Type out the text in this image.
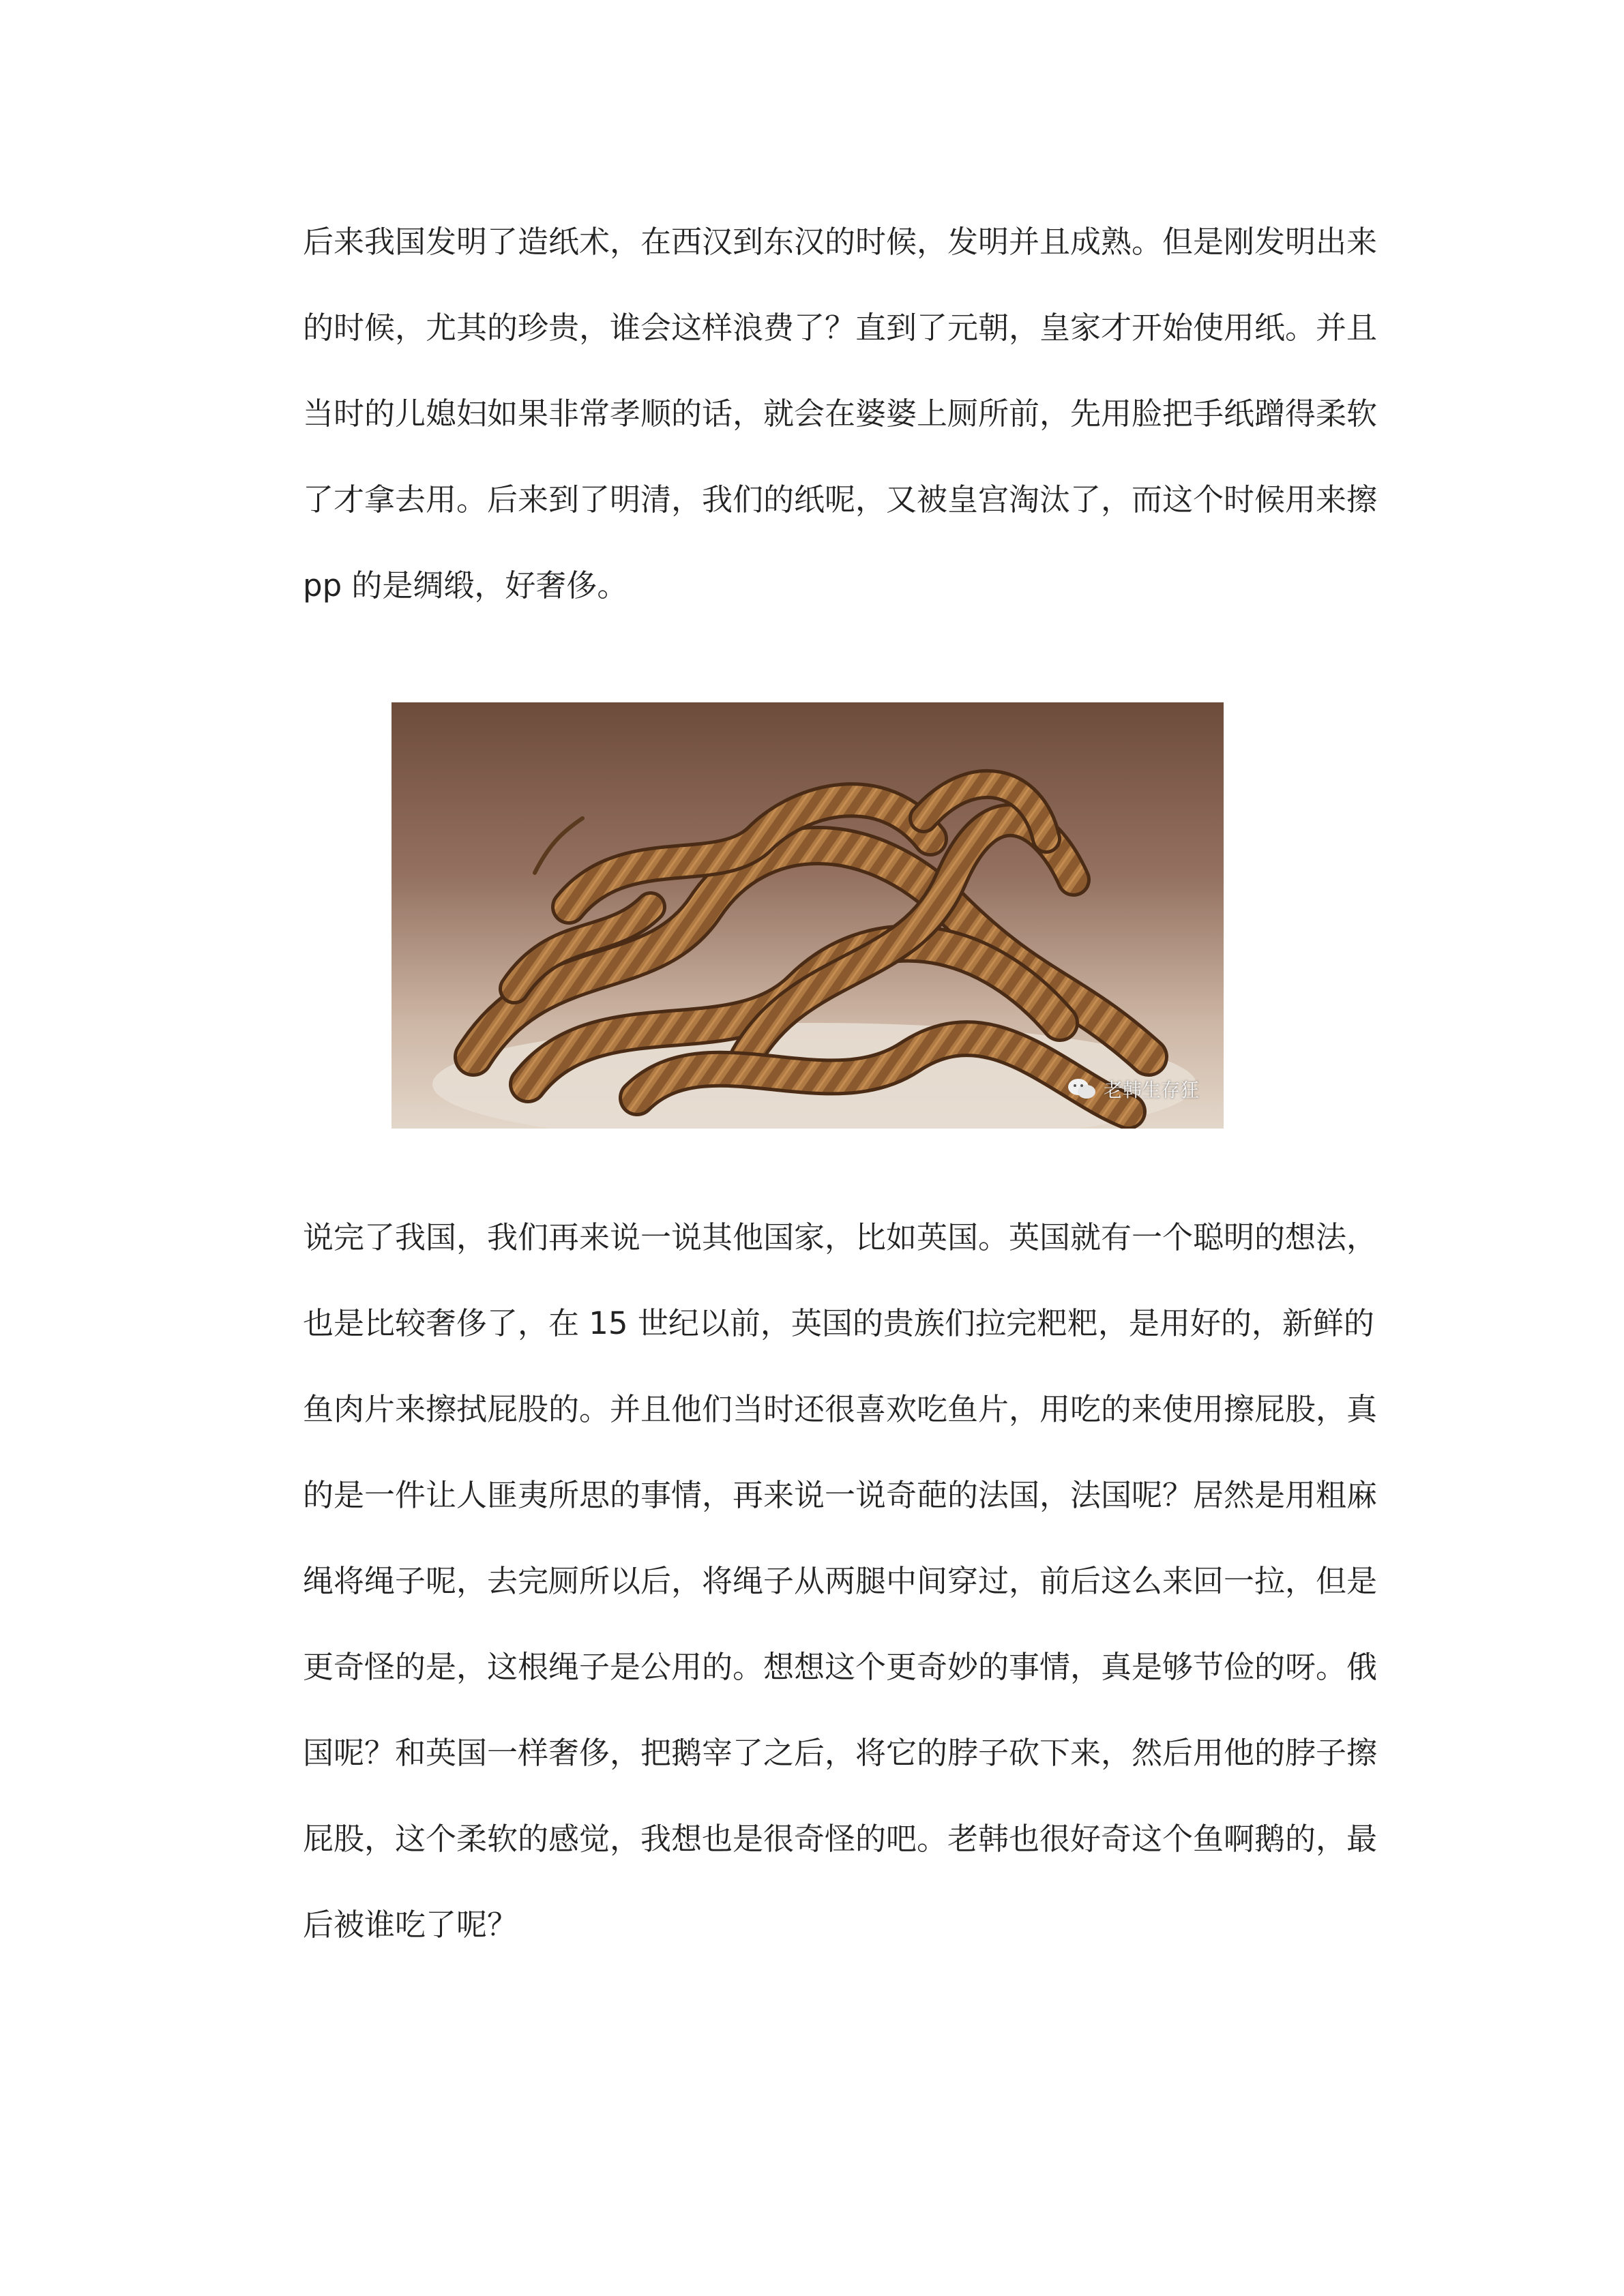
后来我国发明了造纸术，在西汉到东汉的时候，发明并且成熟。但是刚发明出来
的时候，尤其的珍贵，谁会这样浪费了？直到了元朝，皇家才开始使用纸。并且
当时的儿媳妇如果非常孝顺的话，就会在婆婆上厕所前，先用脸把手纸蹭得柔软
了才拿去用。后来到了明清，我们的纸呢，又被皇宫淘汰了，而这个时候用来擦
pp 的是绸缎，好奢侈。

老韩生存狂

说完了我国，我们再来说一说其他国家，比如英国。英国就有一个聪明的想法，
也是比较奢侈了，在 15 世纪以前，英国的贵族们拉完粑粑，是用好的，新鲜的
鱼肉片来擦拭屁股的。并且他们当时还很喜欢吃鱼片，用吃的来使用擦屁股，真
的是一件让人匪夷所思的事情，再来说一说奇葩的法国，法国呢？居然是用粗麻
绳将绳子呢，去完厕所以后，将绳子从两腿中间穿过，前后这么来回一拉，但是
更奇怪的是，这根绳子是公用的。想想这个更奇妙的事情，真是够节俭的呀。俄
国呢？和英国一样奢侈，把鹅宰了之后，将它的脖子砍下来，然后用他的脖子擦
屁股，这个柔软的感觉，我想也是很奇怪的吧。老韩也很好奇这个鱼啊鹅的，最
后被谁吃了呢？
